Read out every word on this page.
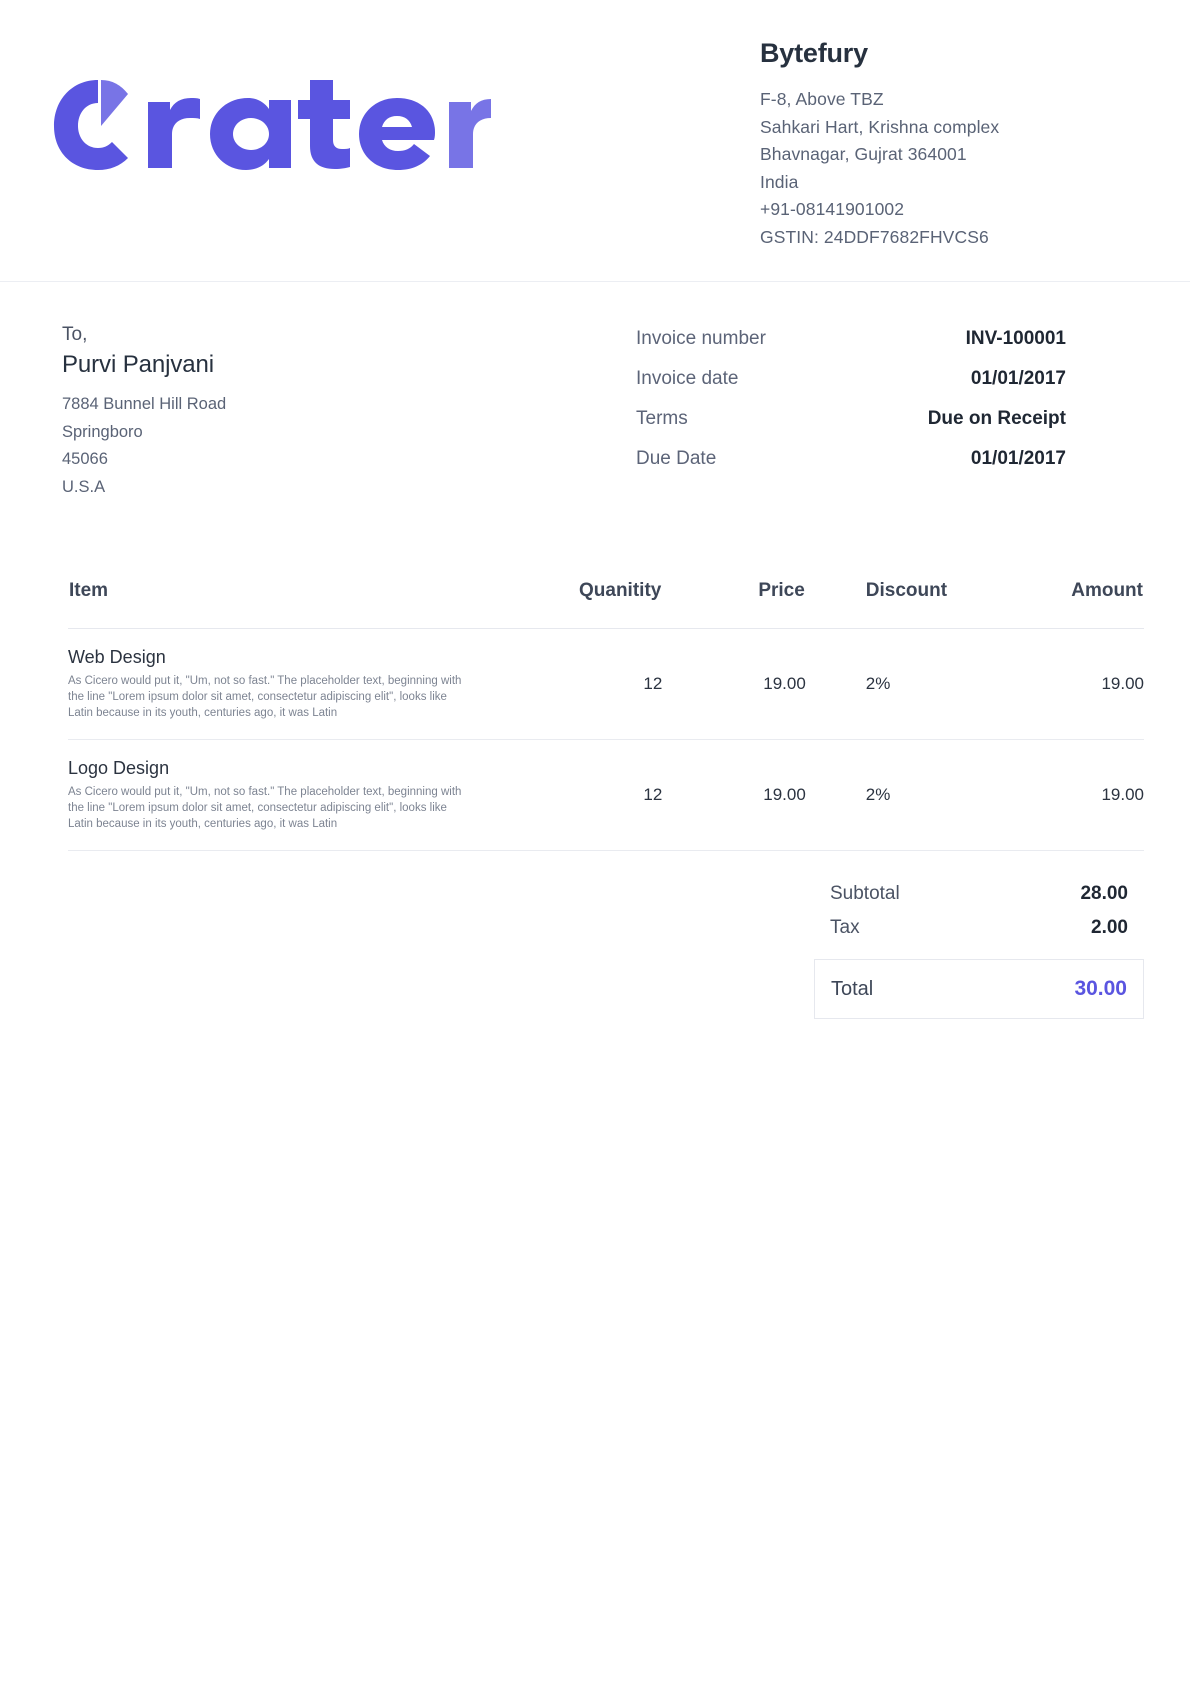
Bytefury
F-8, Above TBZ
Sahkari Hart, Krishna complex
Bhavnagar, Gujrat 364001
India
+91-08141901002
GSTIN: 24DDF7682FHVCS6
To,
Purvi Panjvani
7884 Bunnel Hill Road
Springboro
45066
U.S.A
Invoice number	INV-100001
Invoice date	01/01/2017
Terms	Due on Receipt
Due Date	01/01/2017
Item	Quanitity	Price	Discount	Amount

Web Design
As Cicero would put it, "Um, not so fast." The placeholder text, beginning with the line "Lorem ipsum dolor sit amet, consectetur adipiscing elit", looks like Latin because in its youth, centuries ago, it was Latin	12	19.00	2%	19.00

Logo Design
As Cicero would put it, "Um, not so fast." The placeholder text, beginning with the line "Lorem ipsum dolor sit amet, consectetur adipiscing elit", looks like Latin because in its youth, centuries ago, it was Latin	12	19.00	2%	19.00
Subtotal	28.00
Tax	2.00
Total	30.00
